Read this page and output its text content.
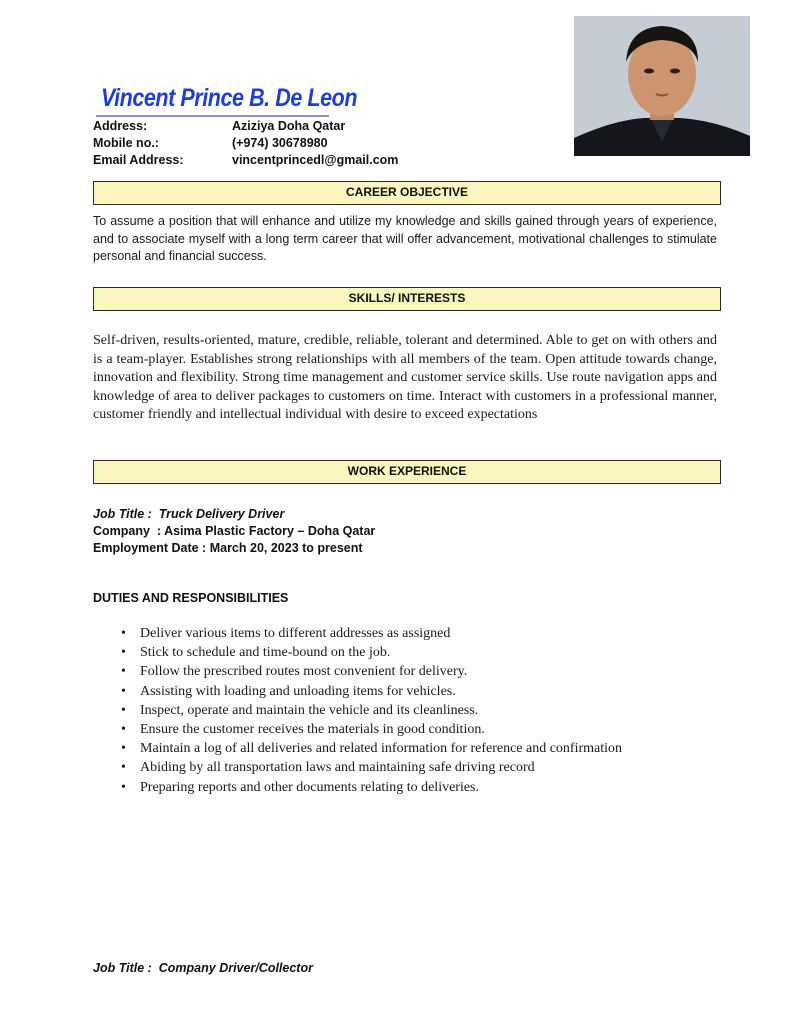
Vincent Prince B. De Leon
Address:	Aziziya Doha Qatar
Mobile no.:	(+974) 30678980
Email Address:	vincentprincedl@gmail.com
CAREER OBJECTIVE
To assume a position that will enhance and utilize my knowledge and skills gained through years of experience, and to associate myself with a long term career that will offer advancement, motivational challenges to stimulate personal and financial success.
SKILLS/ INTERESTS
Self-driven, results-oriented, mature, credible, reliable, tolerant and determined. Able to get on with others and is a team-player. Establishes strong relationships with all members of the team. Open attitude towards change, innovation and flexibility. Strong time management and customer service skills. Use route navigation apps and knowledge of area to deliver packages to customers on time. Interact with customers in a professional manner, customer friendly and intellectual individual with desire to exceed expectations
WORK EXPERIENCE
Job Title : Truck Delivery Driver
Company : Asima Plastic Factory – Doha Qatar
Employment Date : March 20, 2023 to present
DUTIES AND RESPONSIBILITIES
• Deliver various items to different addresses as assigned
• Stick to schedule and time-bound on the job.
• Follow the prescribed routes most convenient for delivery.
• Assisting with loading and unloading items for vehicles.
• Inspect, operate and maintain the vehicle and its cleanliness.
• Ensure the customer receives the materials in good condition.
• Maintain a log of all deliveries and related information for reference and confirmation
• Abiding by all transportation laws and maintaining safe driving record
• Preparing reports and other documents relating to deliveries.
Job Title : Company Driver/Collector
